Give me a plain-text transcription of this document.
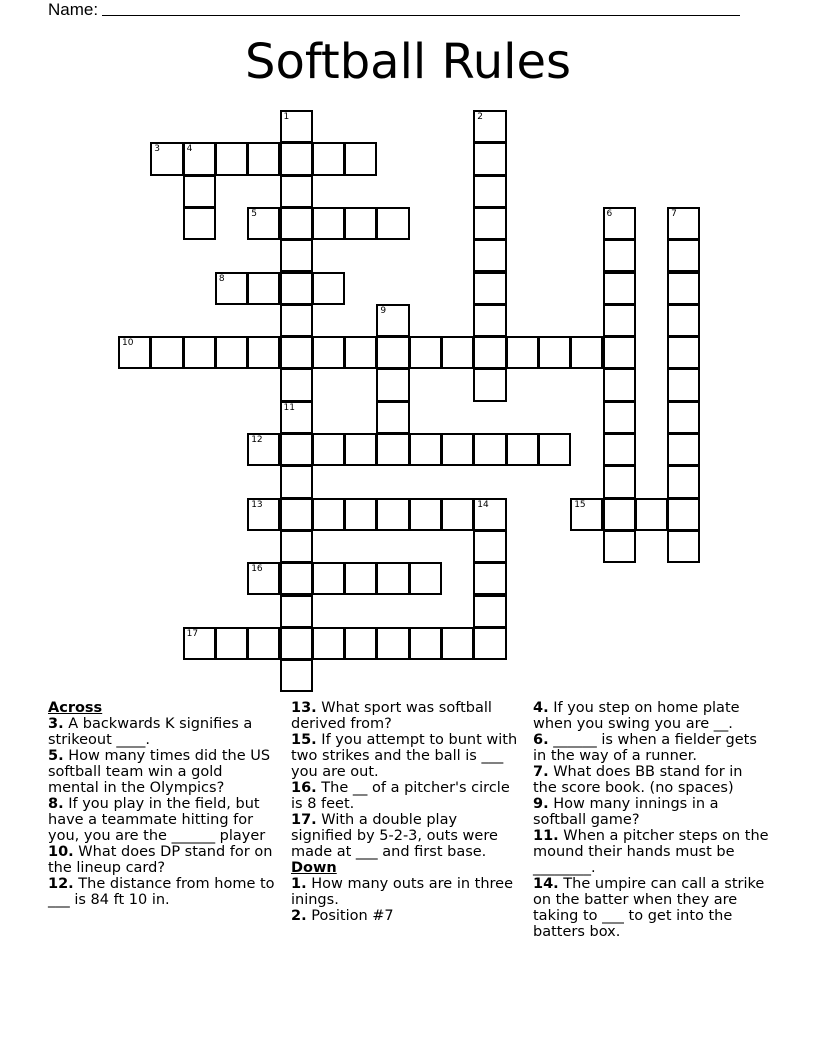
Name:
Softball Rules
1
11
2
3	4
5	6	7
8
9
10
12
13	14	15
16
17

Across

3. A backwards K signifies a strikeout ____.

5. How many times did the US softball team win a gold mental in the Olympics?

8. If you play in the field, but have a teammate hitting for you, you are the ______ player

10. What does DP stand for on the lineup card?

12. The distance from home to ___ is 84 ft 10 in.

13. What sport was softball derived from?

15. If you attempt to bunt with two strikes and the ball is ___ you are out.

16. The __ of a pitcher's circle is 8 feet.

17. With a double play signified by 5-2-3, outs were made at ___ and first base.

Down

1. How many outs are in three inings.

2. Position #7

4. If you step on home plate when you swing you are __.

6. ______ is when a fielder gets in the way of a runner.

7. What does BB stand for in the score book. (no spaces)

9. How many innings in a softball game?

11. When a pitcher steps on the mound their hands must be ________.

14. The umpire can call a strike on the batter when they are taking to ___ to get into the batters box.
